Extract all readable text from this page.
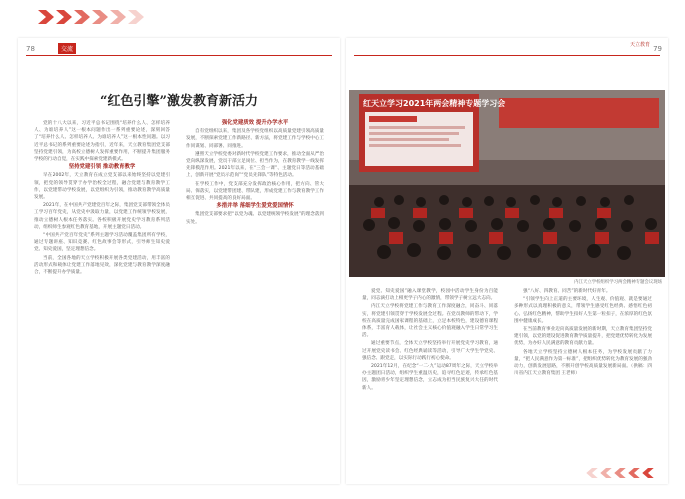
78	交流
“红色引擎”激发教育新活力

党的十八大以来，习近平总书记围绕“培养什么人、怎样培养人、为谁培养人”这一根本问题作出一系列重要论述，深刻回答了“培养什么人、怎样培养人、为谁培养人”这一根本性问题。以习近平总书记的系列重要论述为指引，近年来，天立教育集团党支部坚持党建引领，为高校立德树人发挥重要作用，不断提升集团服务学校的行动自觉，在实践中探索党建新模式。

坚持党建引领 推动教育教学

早在2002年，天立教育在成立党支部以来始终坚持以党建引领，把党的领导贯穿于办学治校全过程，融合党建与教育教学工作，以党建带动学校发展，以党组织为引领，推动教育教学高质量发展。

2021年，在中国共产党建党百年之际，集团党支部带领全体员工学习百年党史，从党史中汲取力量，以党建工作统领学校发展，推动立德树人根本任务落实。各校积极开展党史学习教育系列活动，组织师生参观红色教育基地，开展主题党日活动。

“中国共产党百年党史”系列主题学习活动覆盖集团所有学校，通过专题讲座、知识竞赛、红色故事会等形式，引导师生知史爱党、知史爱国，坚定理想信念。

当前，全国各地的天立学校积极开展各类党建活动，用丰富的活动形式和载体让党建工作落地见效，深化党建与教育教学深度融合，不断提升办学质量。

强化党建质效 提升办学水平

自有党组织以来，集团及各学校党组织以高质量党建引领高质量发展，不断探索党建工作新路径、新方法，将党建工作与学校中心工作同谋划、同部署、同推进。

遵照天立学校党委对新时代学校党建工作要求，推动全面从严治党向纵深发展，党员干部立足岗位、担当作为，在教育教学一线发挥先锋模范作用。2021年以来，在“三会一课”、主题党日等活动基础上，创新开展“党员示范岗”“党员先锋队”等特色活动。

在学校工作中，党支部充分发挥政治核心作用，把方向、管大局、保落实，以党建带团建、带队建，形成党建工作与教育教学工作相互促进、共同提高的良好局面。

多措并举 落细学生爱党爱国情怀

集团党支部要求把“以党为魂、以党建统领学校发展”的理念落到实处。

天立教育 79
红天立学习2021年两会精神专题学习会
内江天立学校组织学习两会精神专题会议现场

爱党、知史爱国”融入课堂教学，校园中活动学生身份为百能量，同志滴打动上相更学子内心的激情，带领学子树立远大志向。

内江天立学校将党建工作与教育工作深度融合，同奋斗、同落实，将党建引领贯穿于学校发展全过程。在党员教师的带动下，学校在高质量完成国家课程的基础上，立足本校特色，建设德育课程体系，丰富育人载体，让社会主义核心价值观融入学生日常学习生活。

通过重要节点，全体天立学校坚持举行开展党史学习教育，通过开展党史读书会、红色经典诵读等活动，引导广大学生学党史、强信念、跟党走，以实际行动践行初心使命。

2021年12月，在纪念“一二·九”运动87周年之际，天立学校举办主题团日活动，组织学生重温历史，追寻红色足迹，传承红色基因，激励青少年坚定理想信念，立志成为担当民族复兴大任的时代新人。

强“八好、四教育、同苦”的新时代好青年。

“引领学生向上正道的主要环境，人生观、价值观、就是要通过多种形式以真理积极的意义，带领学生感受红色经典、感悟红色初心、弘扬红色精神，帮助学生扣好人生第一粒扣子，在浓厚的红色氛围中健康成长。

在当前教育事业迈向高质量发展的新时期，天立教育集团坚持党建引领，以党的建设促进教育教学质量提升，把党建优势转化为发展优势，为办好人民满意的教育贡献力量。

各地天立学校坚持立德树人根本任务，为学校发展贡献了力量，“把人民满意作为第一标准”，把组织优势转化为教育发展的强劲动力，创新发展思路，不断开创学校高质量发展新局面。（供稿：四川省内江天立教育集团 王老师）
